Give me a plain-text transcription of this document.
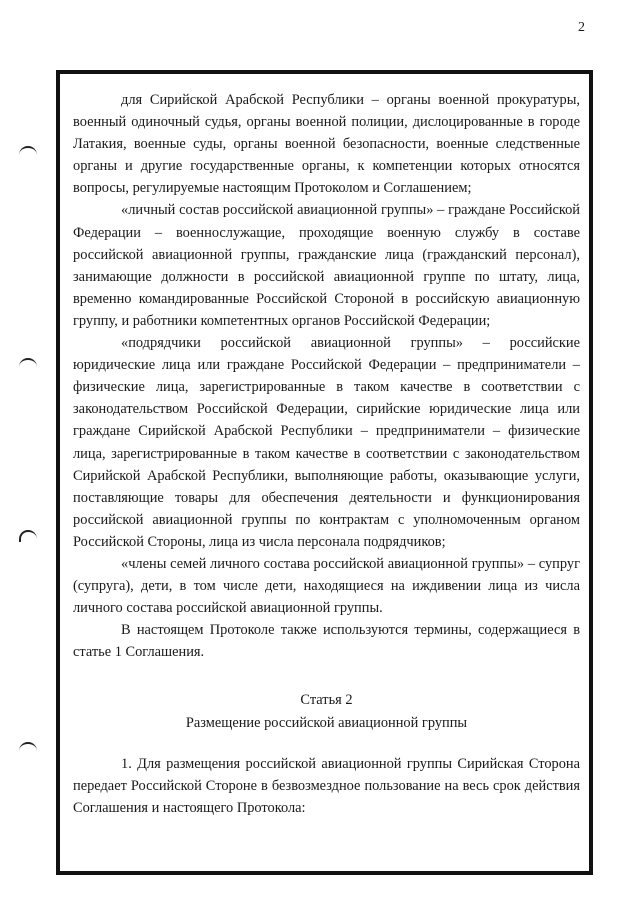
2

для Сирийской Арабской Республики – органы военной прокуратуры, военный одиночный судья, органы военной полиции, дислоцированные в городе Латакия, военные суды, органы военной безопасности, военные следственные органы и другие государственные органы, к компетенции которых относятся вопросы, регулируемые настоящим Протоколом и Соглашением;

«личный состав российской авиационной группы» – граждане Российской Федерации – военнослужащие, проходящие военную службу в составе российской авиационной группы, гражданские лица (гражданский персонал), занимающие должности в российской авиационной группе по штату, лица, временно командированные Российской Стороной в российскую авиационную группу, и работники компетентных органов Российской Федерации;

«подрядчики российской авиационной группы» – российские юридические лица или граждане Российской Федерации – предприниматели – физические лица, зарегистрированные в таком качестве в соответствии с законодательством Российской Федерации, сирийские юридические лица или граждане Сирийской Арабской Республики – предприниматели – физические лица, зарегистрированные в таком качестве в соответствии с законодательством Сирийской Арабской Республики, выполняющие работы, оказывающие услуги, поставляющие товары для обеспечения деятельности и функционирования российской авиационной группы по контрактам с уполномоченным органом Российской Стороны, лица из числа персонала подрядчиков;

«члены семей личного состава российской авиационной группы» – супруг (супруга), дети, в том числе дети, находящиеся на иждивении лица из числа личного состава российской авиационной группы.

В настоящем Протоколе также используются термины, содержащиеся в статье 1 Соглашения.

Статья 2

Размещение российской авиационной группы

1. Для размещения российской авиационной группы Сирийская Сторона передает Российской Стороне в безвозмездное пользование на весь срок действия Соглашения и настоящего Протокола:
